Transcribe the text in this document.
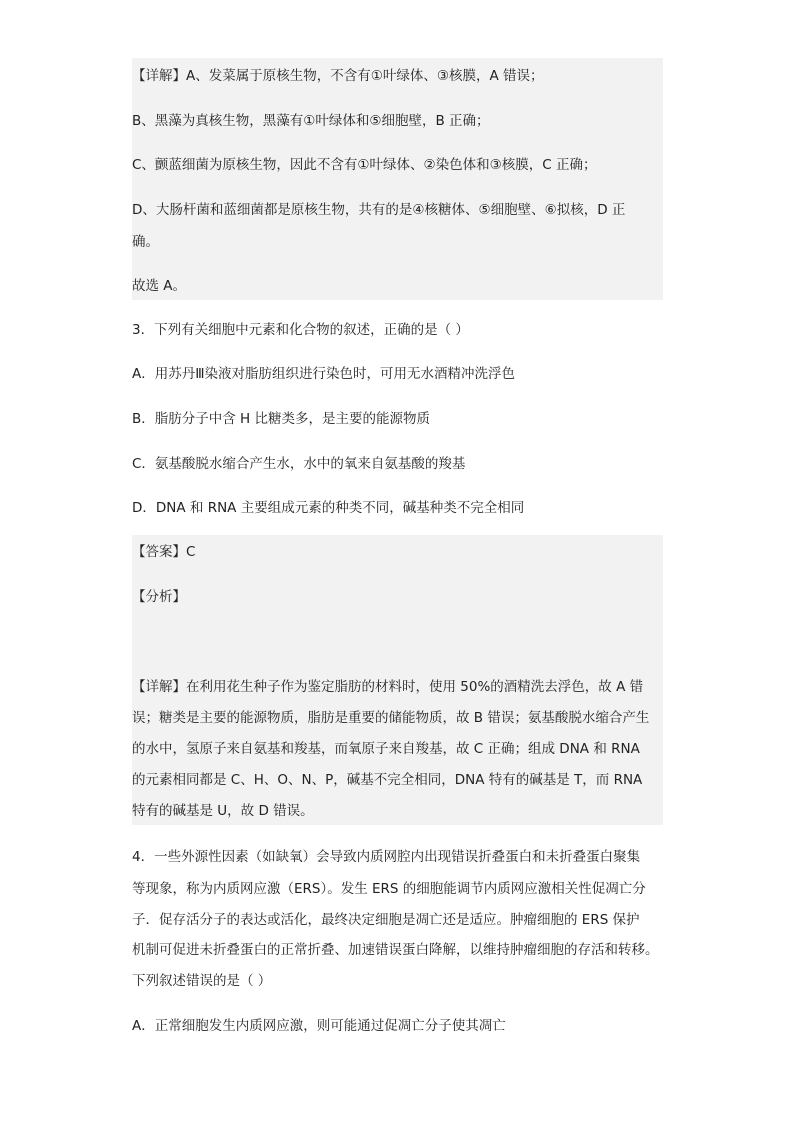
【详解】A、发菜属于原核生物，不含有①叶绿体、③核膜，A 错误；
B、黑藻为真核生物，黑藻有①叶绿体和⑤细胞壁，B 正确；
C、颤蓝细菌为原核生物，因此不含有①叶绿体、②染色体和③核膜，C 正确；
D、大肠杆菌和蓝细菌都是原核生物，共有的是④核糖体、⑤细胞壁、⑥拟核，D 正
确。
故选 A。
3．下列有关细胞中元素和化合物的叙述，正确的是（ ）
A．用苏丹Ⅲ染液对脂肪组织进行染色时，可用无水酒精冲洗浮色
B．脂肪分子中含 H 比糖类多，是主要的能源物质
C．氨基酸脱水缩合产生水，水中的氧来自氨基酸的羧基
D．DNA 和 RNA 主要组成元素的种类不同，碱基种类不完全相同
【答案】C
【分析】
【详解】在利用花生种子作为鉴定脂肪的材料时，使用 50%的酒精洗去浮色，故 A 错
误；糖类是主要的能源物质，脂肪是重要的储能物质，故 B 错误；氨基酸脱水缩合产生
的水中，氢原子来自氨基和羧基，而氧原子来自羧基，故 C 正确；组成 DNA 和 RNA
的元素相同都是 C、H、O、N、P，碱基不完全相同，DNA 特有的碱基是 T，而 RNA
特有的碱基是 U，故 D 错误。
4．一些外源性因素（如缺氧）会导致内质网腔内出现错误折叠蛋白和未折叠蛋白聚集
等现象，称为内质网应激（ERS）。发生 ERS 的细胞能调节内质网应激相关性促凋亡分
子．促存活分子的表达或活化，最终决定细胞是凋亡还是适应。肿瘤细胞的 ERS 保护
机制可促进未折叠蛋白的正常折叠、加速错误蛋白降解，以维持肿瘤细胞的存活和转移。
下列叙述错误的是（ ）
A．正常细胞发生内质网应激，则可能通过促凋亡分子使其凋亡
